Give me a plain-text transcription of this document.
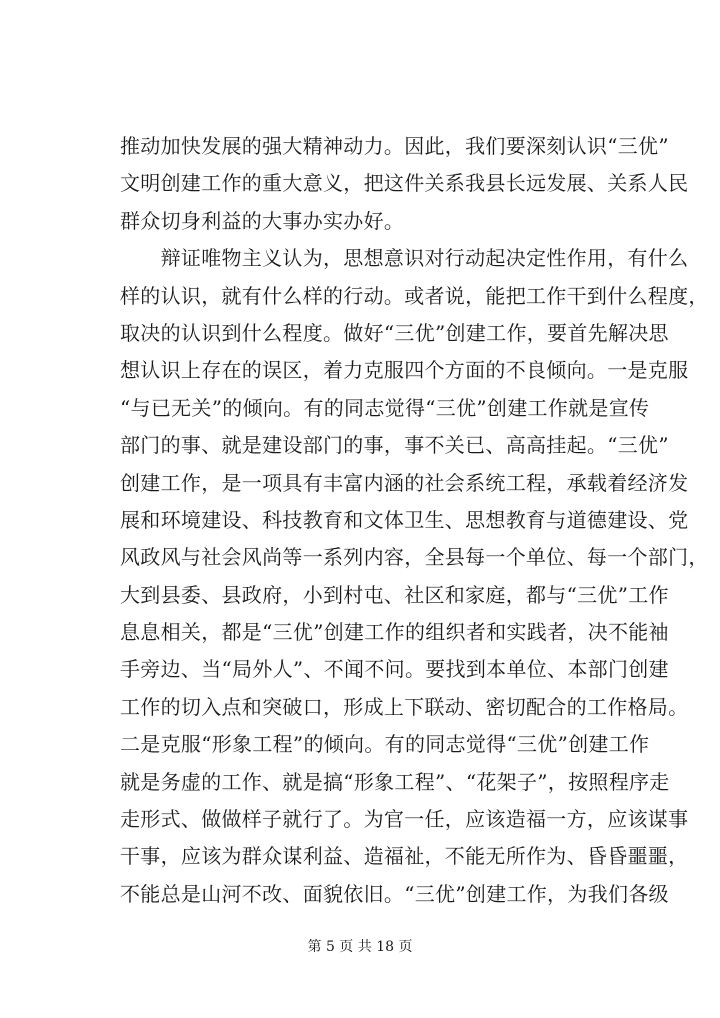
推动加快发展的强大精神动力。因此，我们要深刻认识“三优”
文明创建工作的重大意义，把这件关系我县长远发展、关系人民
群众切身利益的大事办实办好。
　　辩证唯物主义认为，思想意识对行动起决定性作用，有什么
样的认识，就有什么样的行动。或者说，能把工作干到什么程度，
取决的认识到什么程度。做好“三优”创建工作，要首先解决思
想认识上存在的误区，着力克服四个方面的不良倾向。一是克服
“与已无关”的倾向。有的同志觉得“三优”创建工作就是宣传
部门的事、就是建设部门的事，事不关已、高高挂起。“三优”
创建工作，是一项具有丰富内涵的社会系统工程，承载着经济发
展和环境建设、科技教育和文体卫生、思想教育与道德建设、党
风政风与社会风尚等一系列内容，全县每一个单位、每一个部门，
大到县委、县政府，小到村屯、社区和家庭，都与“三优”工作
息息相关，都是“三优”创建工作的组织者和实践者，决不能袖
手旁边、当“局外人”、不闻不问。要找到本单位、本部门创建
工作的切入点和突破口，形成上下联动、密切配合的工作格局。
二是克服“形象工程”的倾向。有的同志觉得“三优”创建工作
就是务虚的工作、就是搞“形象工程”、“花架子”，按照程序走
走形式、做做样子就行了。为官一任，应该造福一方，应该谋事
干事，应该为群众谋利益、造福祉，不能无所作为、昏昏噩噩，
不能总是山河不改、面貌依旧。“三优”创建工作，为我们各级
第 5 页 共 18 页
